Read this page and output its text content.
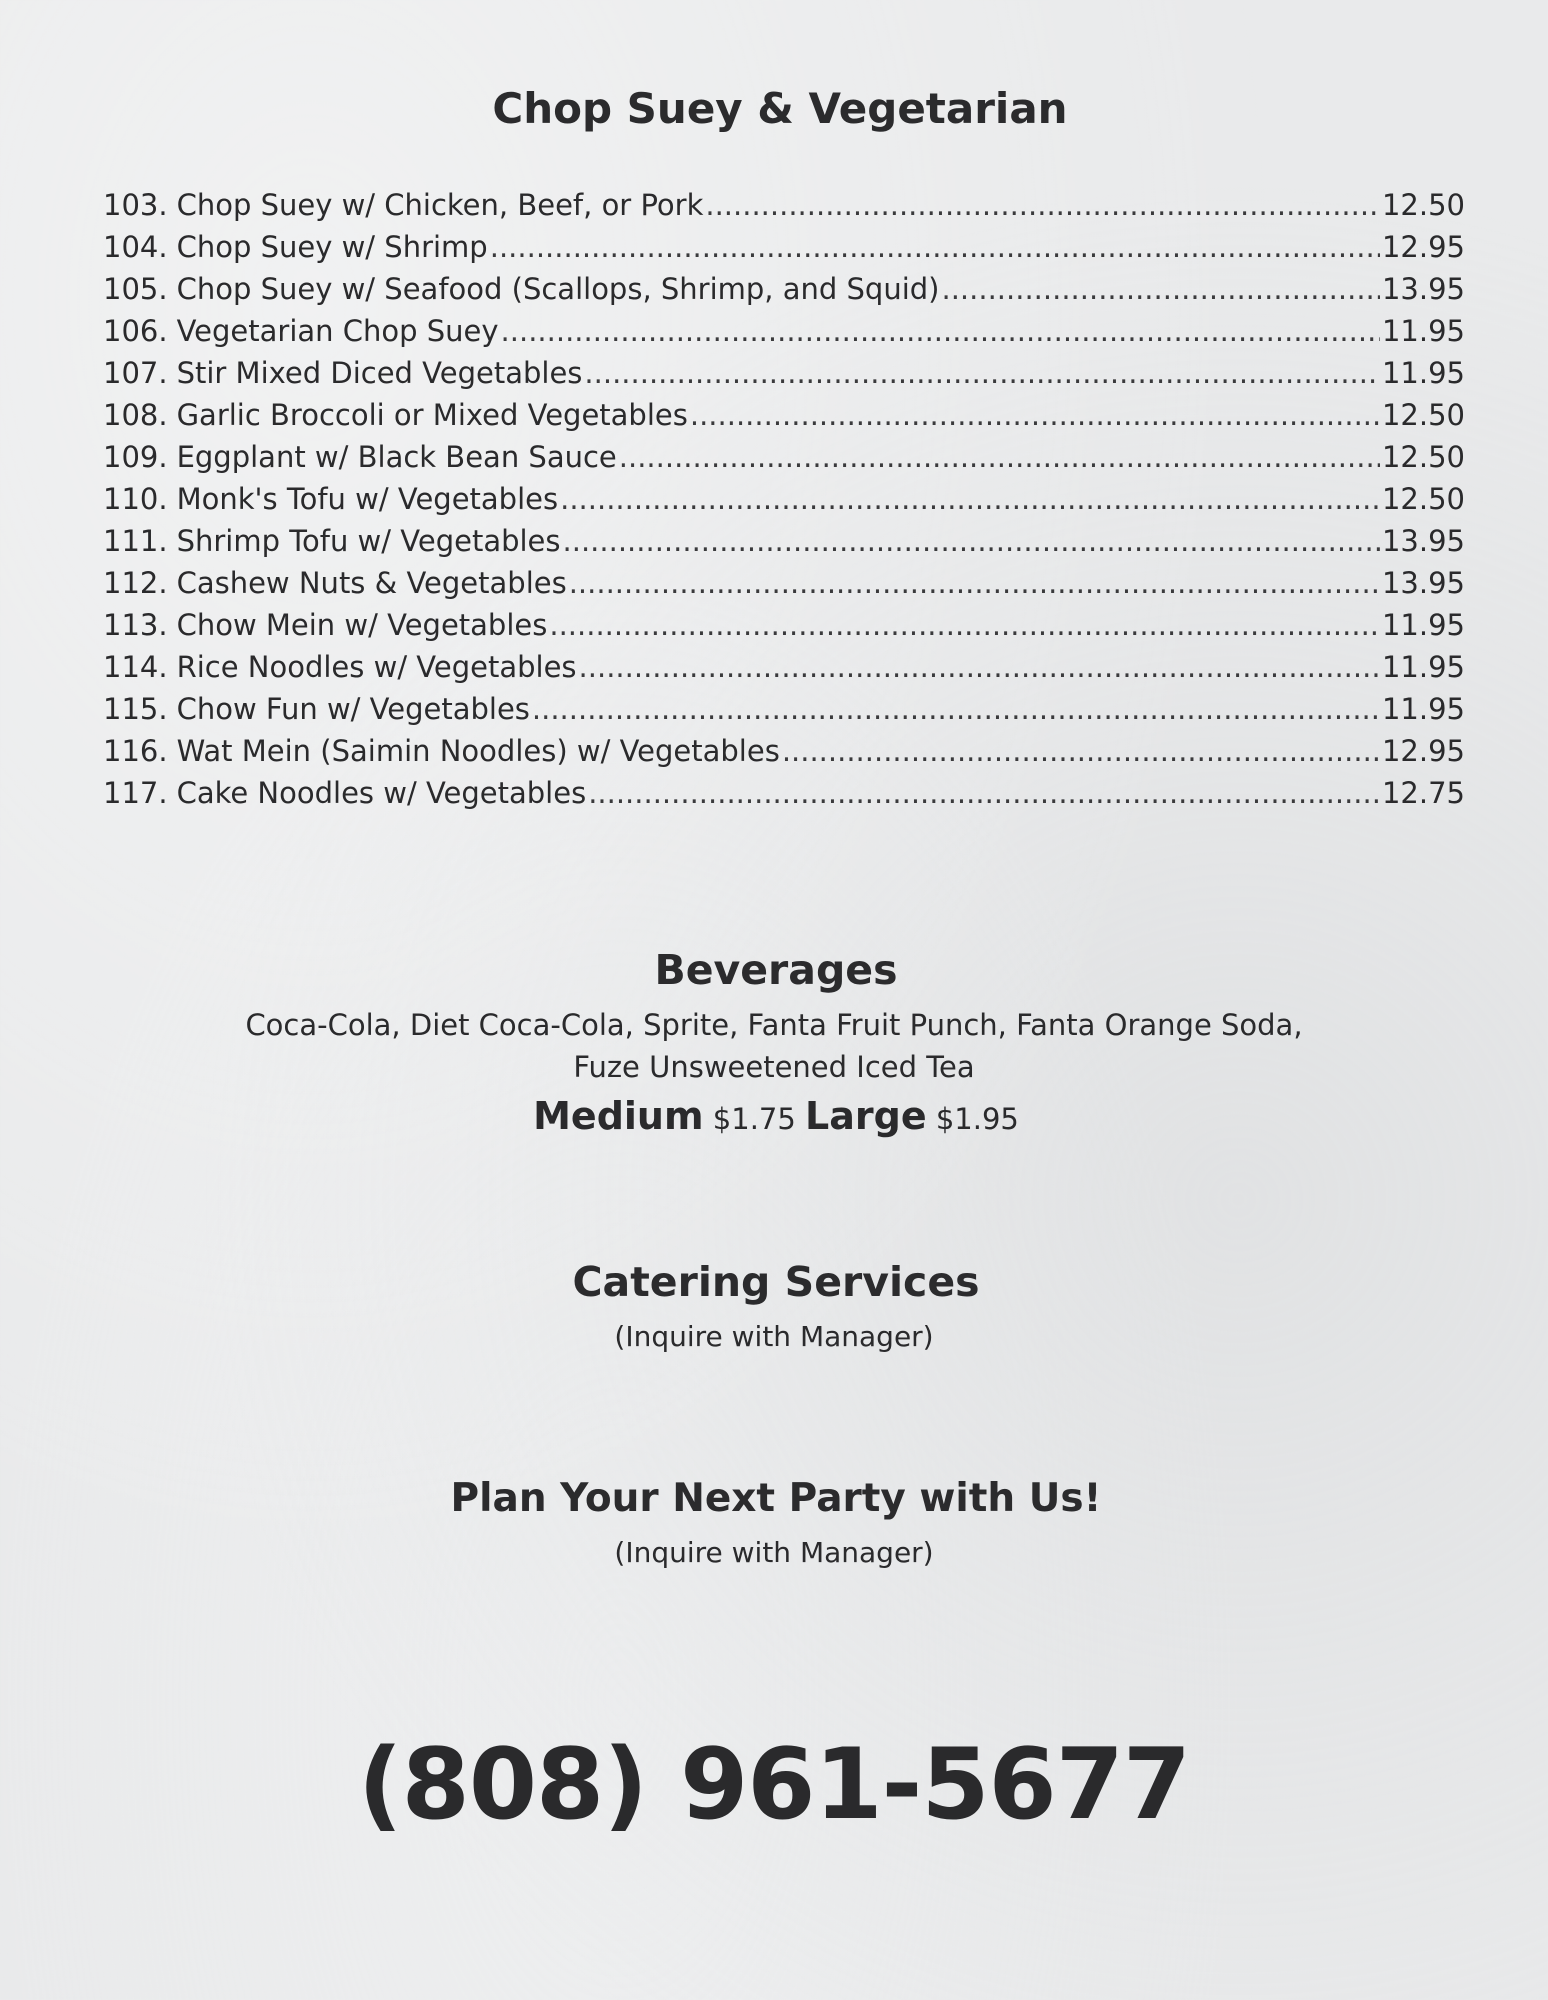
Chop Suey & Vegetarian
103. Chop Suey w/ Chicken, Beef, or Pork .....	12.50
104. Chop Suey w/ Shrimp .....	12.95
105. Chop Suey w/ Seafood (Scallops, Shrimp, and Squid) .....	13.95
106. Vegetarian Chop Suey .....	11.95
107. Stir Mixed Diced Vegetables .....	11.95
108. Garlic Broccoli or Mixed Vegetables .....	12.50
109. Eggplant w/ Black Bean Sauce .....	12.50
110. Monk's Tofu w/ Vegetables .....	12.50
111. Shrimp Tofu w/ Vegetables .....	13.95
112. Cashew Nuts & Vegetables .....	13.95
113. Chow Mein w/ Vegetables .....	11.95
114. Rice Noodles w/ Vegetables .....	11.95
115. Chow Fun w/ Vegetables .....	11.95
116. Wat Mein (Saimin Noodles) w/ Vegetables .....	12.95
117. Cake Noodles w/ Vegetables .....	12.75
Beverages
Coca-Cola, Diet Coca-Cola, Sprite, Fanta Fruit Punch, Fanta Orange Soda,
Fuze Unsweetened Iced Tea
Medium $1.75 Large $1.95
Catering Services
(Inquire with Manager)
Plan Your Next Party with Us!
(Inquire with Manager)
(808) 961-5677
